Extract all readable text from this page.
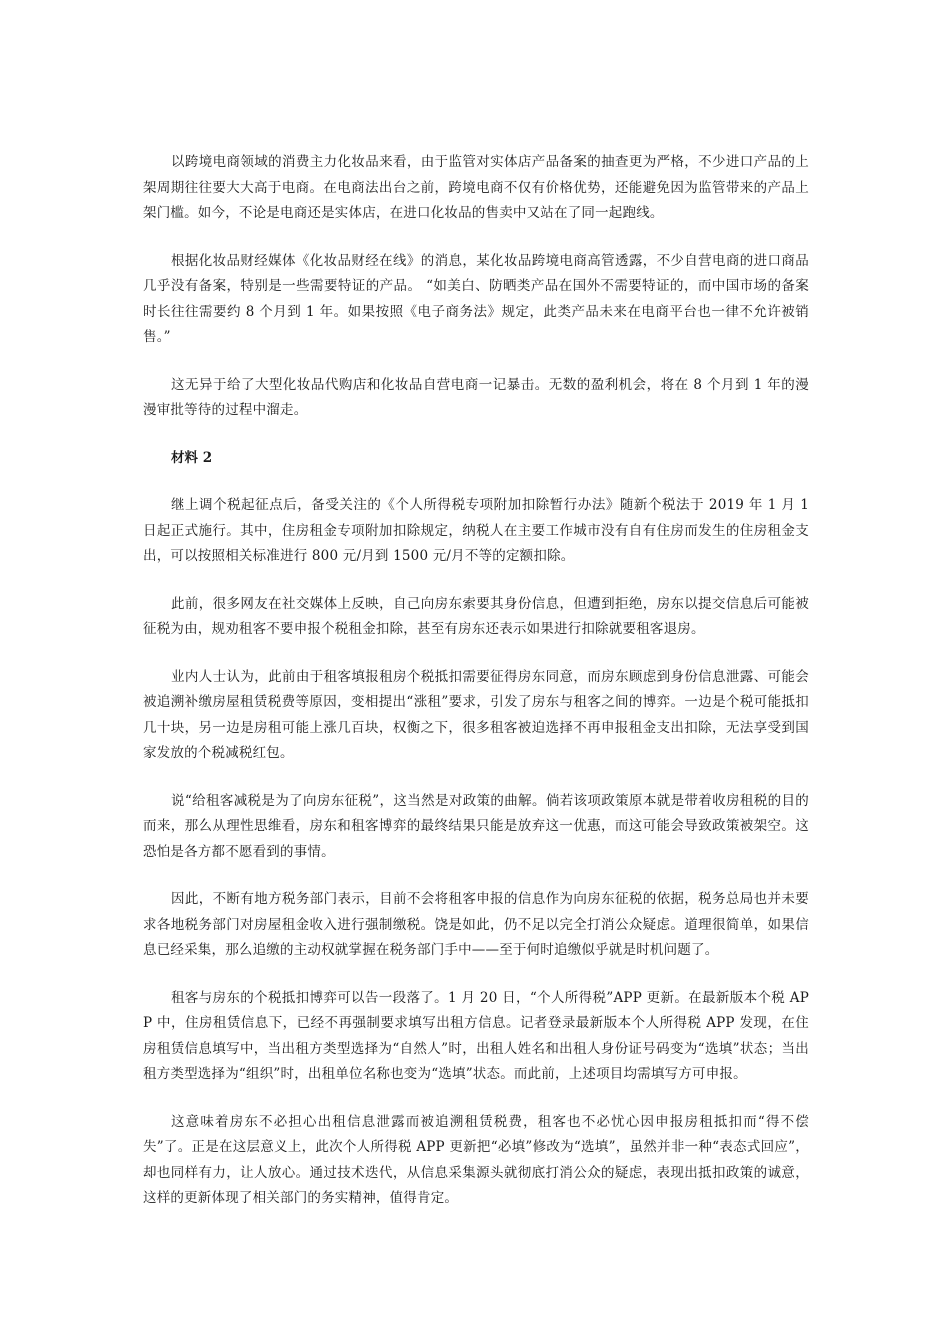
以跨境电商领域的消费主力化妆品来看，由于监管对实体店产品备案的抽查更为严格，不少进口产品的上架周期往往要大大高于电商。在电商法出台之前，跨境电商不仅有价格优势，还能避免因为监管带来的产品上架门槛。如今，不论是电商还是实体店，在进口化妆品的售卖中又站在了同一起跑线。

根据化妆品财经媒体《化妆品财经在线》的消息，某化妆品跨境电商高管透露，不少自营电商的进口商品几乎没有备案，特别是一些需要特证的产品。 “如美白、防晒类产品在国外不需要特证的，而中国市场的备案时长往往需要约 8 个月到 1 年。如果按照《电子商务法》规定，此类产品未来在电商平台也一律不允许被销售。”

这无异于给了大型化妆品代购店和化妆品自营电商一记暴击。无数的盈利机会，将在 8 个月到 1 年的漫漫审批等待的过程中溜走。

材料 2

继上调个税起征点后，备受关注的《个人所得税专项附加扣除暂行办法》随新个税法于 2019 年 1 月 1 日起正式施行。其中，住房租金专项附加扣除规定，纳税人在主要工作城市没有自有住房而发生的住房租金支出，可以按照相关标准进行 800 元/月到 1500 元/月不等的定额扣除。

此前，很多网友在社交媒体上反映，自己向房东索要其身份信息，但遭到拒绝，房东以提交信息后可能被征税为由，规劝租客不要申报个税租金扣除，甚至有房东还表示如果进行扣除就要租客退房。

业内人士认为，此前由于租客填报租房个税抵扣需要征得房东同意，而房东顾虑到身份信息泄露、可能会被追溯补缴房屋租赁税费等原因，变相提出“涨租”要求，引发了房东与租客之间的博弈。一边是个税可能抵扣几十块，另一边是房租可能上涨几百块，权衡之下，很多租客被迫选择不再申报租金支出扣除，无法享受到国家发放的个税减税红包。

说“给租客减税是为了向房东征税”，这当然是对政策的曲解。倘若该项政策原本就是带着收房租税的目的而来，那么从理性思维看，房东和租客博弈的最终结果只能是放弃这一优惠，而这可能会导致政策被架空。这恐怕是各方都不愿看到的事情。

因此，不断有地方税务部门表示，目前不会将租客申报的信息作为向房东征税的依据，税务总局也并未要求各地税务部门对房屋租金收入进行强制缴税。饶是如此，仍不足以完全打消公众疑虑。道理很简单，如果信息已经采集，那么追缴的主动权就掌握在税务部门手中——至于何时追缴似乎就是时机问题了。

租客与房东的个税抵扣博弈可以告一段落了。1 月 20 日，“个人所得税”APP 更新。在最新版本个税 APP 中，住房租赁信息下，已经不再强制要求填写出租方信息。记者登录最新版本个人所得税 APP 发现，在住房租赁信息填写中，当出租方类型选择为“自然人”时，出租人姓名和出租人身份证号码变为“选填”状态；当出租方类型选择为“组织”时，出租单位名称也变为“选填”状态。而此前，上述项目均需填写方可申报。

这意味着房东不必担心出租信息泄露而被追溯租赁税费，租客也不必忧心因申报房租抵扣而“得不偿失”了。正是在这层意义上，此次个人所得税 APP 更新把“必填”修改为“选填”，虽然并非一种“表态式回应”，却也同样有力，让人放心。通过技术迭代，从信息采集源头就彻底打消公众的疑虑，表现出抵扣政策的诚意，这样的更新体现了相关部门的务实精神，值得肯定。
